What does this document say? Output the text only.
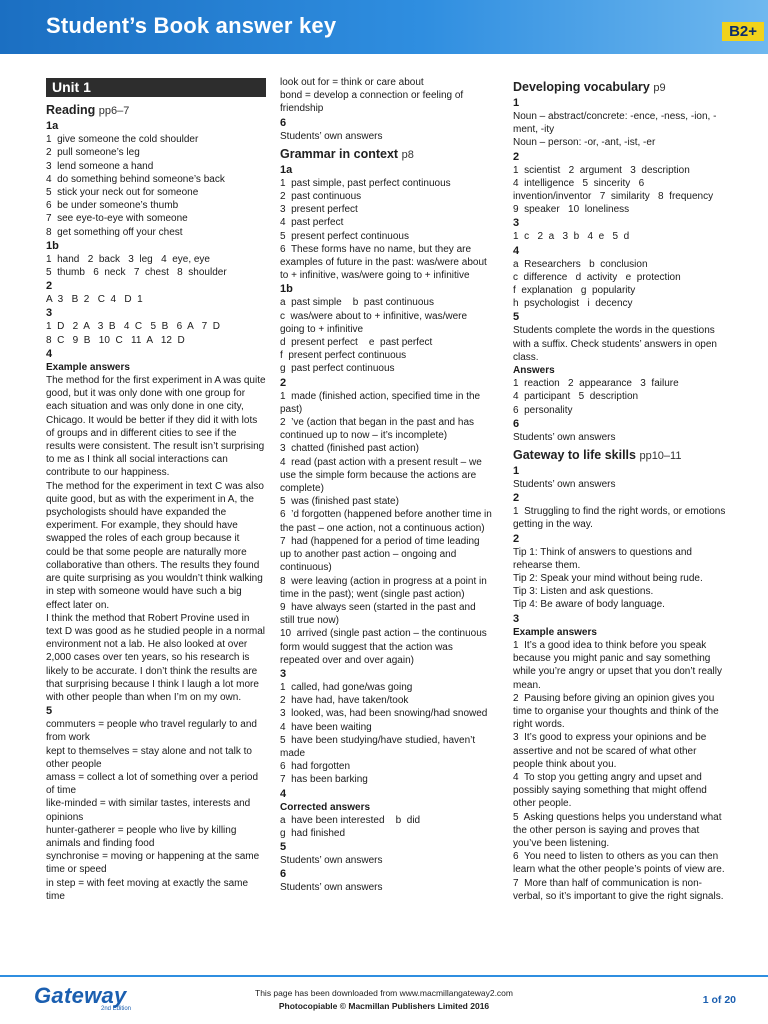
Student’s Book answer key	B2+
Unit 1
Reading pp6–7
1a
1  give someone the cold shoulder
2  pull someone’s leg
3  lend someone a hand
4  do something behind someone’s back
5  stick your neck out for someone
6  be under someone’s thumb
7  see eye-to-eye with someone
8  get something off your chest
1b
1  hand   2  back   3  leg   4  eye, eye
5  thumb   6  neck   7  chest   8  shoulder
2
A  3   B  2   C  4   D  1
3
1  D   2  A   3  B   4  C   5  B   6  A   7  D
8  C   9  B   10  C   11  A   12  D
4
Example answers
The method for the first experiment in A was quite good, but it was only done with one group for each situation and was only done in one city, Chicago. It would be better if they did it with lots of groups and in different cities to see if the results were consistent. The result isn’t surprising to me as I think all social interactions can contribute to our happiness.
The method for the experiment in text C was also quite good, but as with the experiment in A, the psychologists should have expanded the experiment. For example, they should have swapped the roles of each group because it could be that some people are naturally more collaborative than others. The results they found are quite surprising as you wouldn’t think walking in step with someone would have such a big effect later on.
I think the method that Robert Provine used in text D was good as he studied people in a normal environment not a lab. He also looked at over 2,000 cases over ten years, so his research is likely to be accurate. I don’t think the results are that surprising because I think I laugh a lot more with other people than when I’m on my own.
5
commuters = people who travel regularly to and from work
kept to themselves = stay alone and not talk to other people
amass = collect a lot of something over a period of time
like-minded = with similar tastes, interests and opinions
hunter-gatherer = people who live by killing animals and finding food
synchronise = moving or happening at the same time or speed
in step = with feet moving at exactly the same time
look out for = think or care about
bond = develop a connection or feeling of friendship
6
Students’ own answers
Grammar in context p8
1a
1  past simple, past perfect continuous
2  past continuous
3  present perfect
4  past perfect
5  present perfect continuous
6  These forms have no name, but they are examples of future in the past: was/were about to + infinitive, was/were going to + infinitive
1b
a  past simple    b  past continuous
c  was/were about to + infinitive, was/were going to + infinitive
d  present perfect    e  past perfect
f  present perfect continuous
g  past perfect continuous
2
1  made (finished action, specified time in the past)
2  ’ve (action that began in the past and has continued up to now – it’s incomplete)
3  chatted (finished past action)
4  read (past action with a present result – we use the simple form because the actions are complete)
5  was (finished past state)
6  ’d forgotten (happened before another time in the past – one action, not a continuous action)
7  had (happened for a period of time leading up to another past action – ongoing and continuous)
8  were leaving (action in progress at a point in time in the past); went (single past action)
9  have always seen (started in the past and still true now)
10  arrived (single past action – the continuous form would suggest that the action was repeated over and over again)
3
1  called, had gone/was going
2  have had, have taken/took
3  looked, was, had been snowing/had snowed
4  have been waiting
5  have been studying/have studied, haven’t made
6  had forgotten
7  has been barking
4
Corrected answers
a  have been interested    b  did
g  had finished
5
Students’ own answers
6
Students’ own answers
Developing vocabulary p9
1
Noun – abstract/concrete: -ence, -ness, -ion, -ment, -ity
Noun – person: -or, -ant, -ist, -er
2
1  scientist   2  argument   3  description
4  intelligence   5  sincerity   6  invention/inventor   7  similarity   8  frequency
9  speaker   10  loneliness
3
1  c   2  a   3  b   4  e   5  d
4
a  Researchers   b  conclusion
c  difference   d  activity   e  protection
f  explanation   g  popularity
h  psychologist   i  decency
5
Students complete the words in the questions with a suffix. Check students’ answers in open class.
Answers
1  reaction   2  appearance   3  failure
4  participant   5  description
6  personality
6
Students’ own answers
Gateway to life skills pp10–11
1
Students’ own answers
2
1  Struggling to find the right words, or emotions getting in the way.
2
Tip 1: Think of answers to questions and rehearse them.
Tip 2: Speak your mind without being rude.
Tip 3: Listen and ask questions.
Tip 4: Be aware of body language.
3
Example answers
1  It’s a good idea to think before you speak because you might panic and say something while you’re angry or upset that you don’t really mean.
2  Pausing before giving an opinion gives you time to organise your thoughts and think of the right words.
3  It’s good to express your opinions and be assertive and not be scared of what other people think about you.
4  To stop you getting angry and upset and possibly saying something that might offend other people.
5  Asking questions helps you understand what the other person is saying and proves that you’ve been listening.
6  You need to listen to others as you can then learn what the other people’s points of view are.
7  More than half of communication is non-verbal, so it’s important to give the right signals.
Gateway
2nd Edition
This page has been downloaded from www.macmillangateway2.com
Photocopiable © Macmillan Publishers Limited 2016	1 of 20
